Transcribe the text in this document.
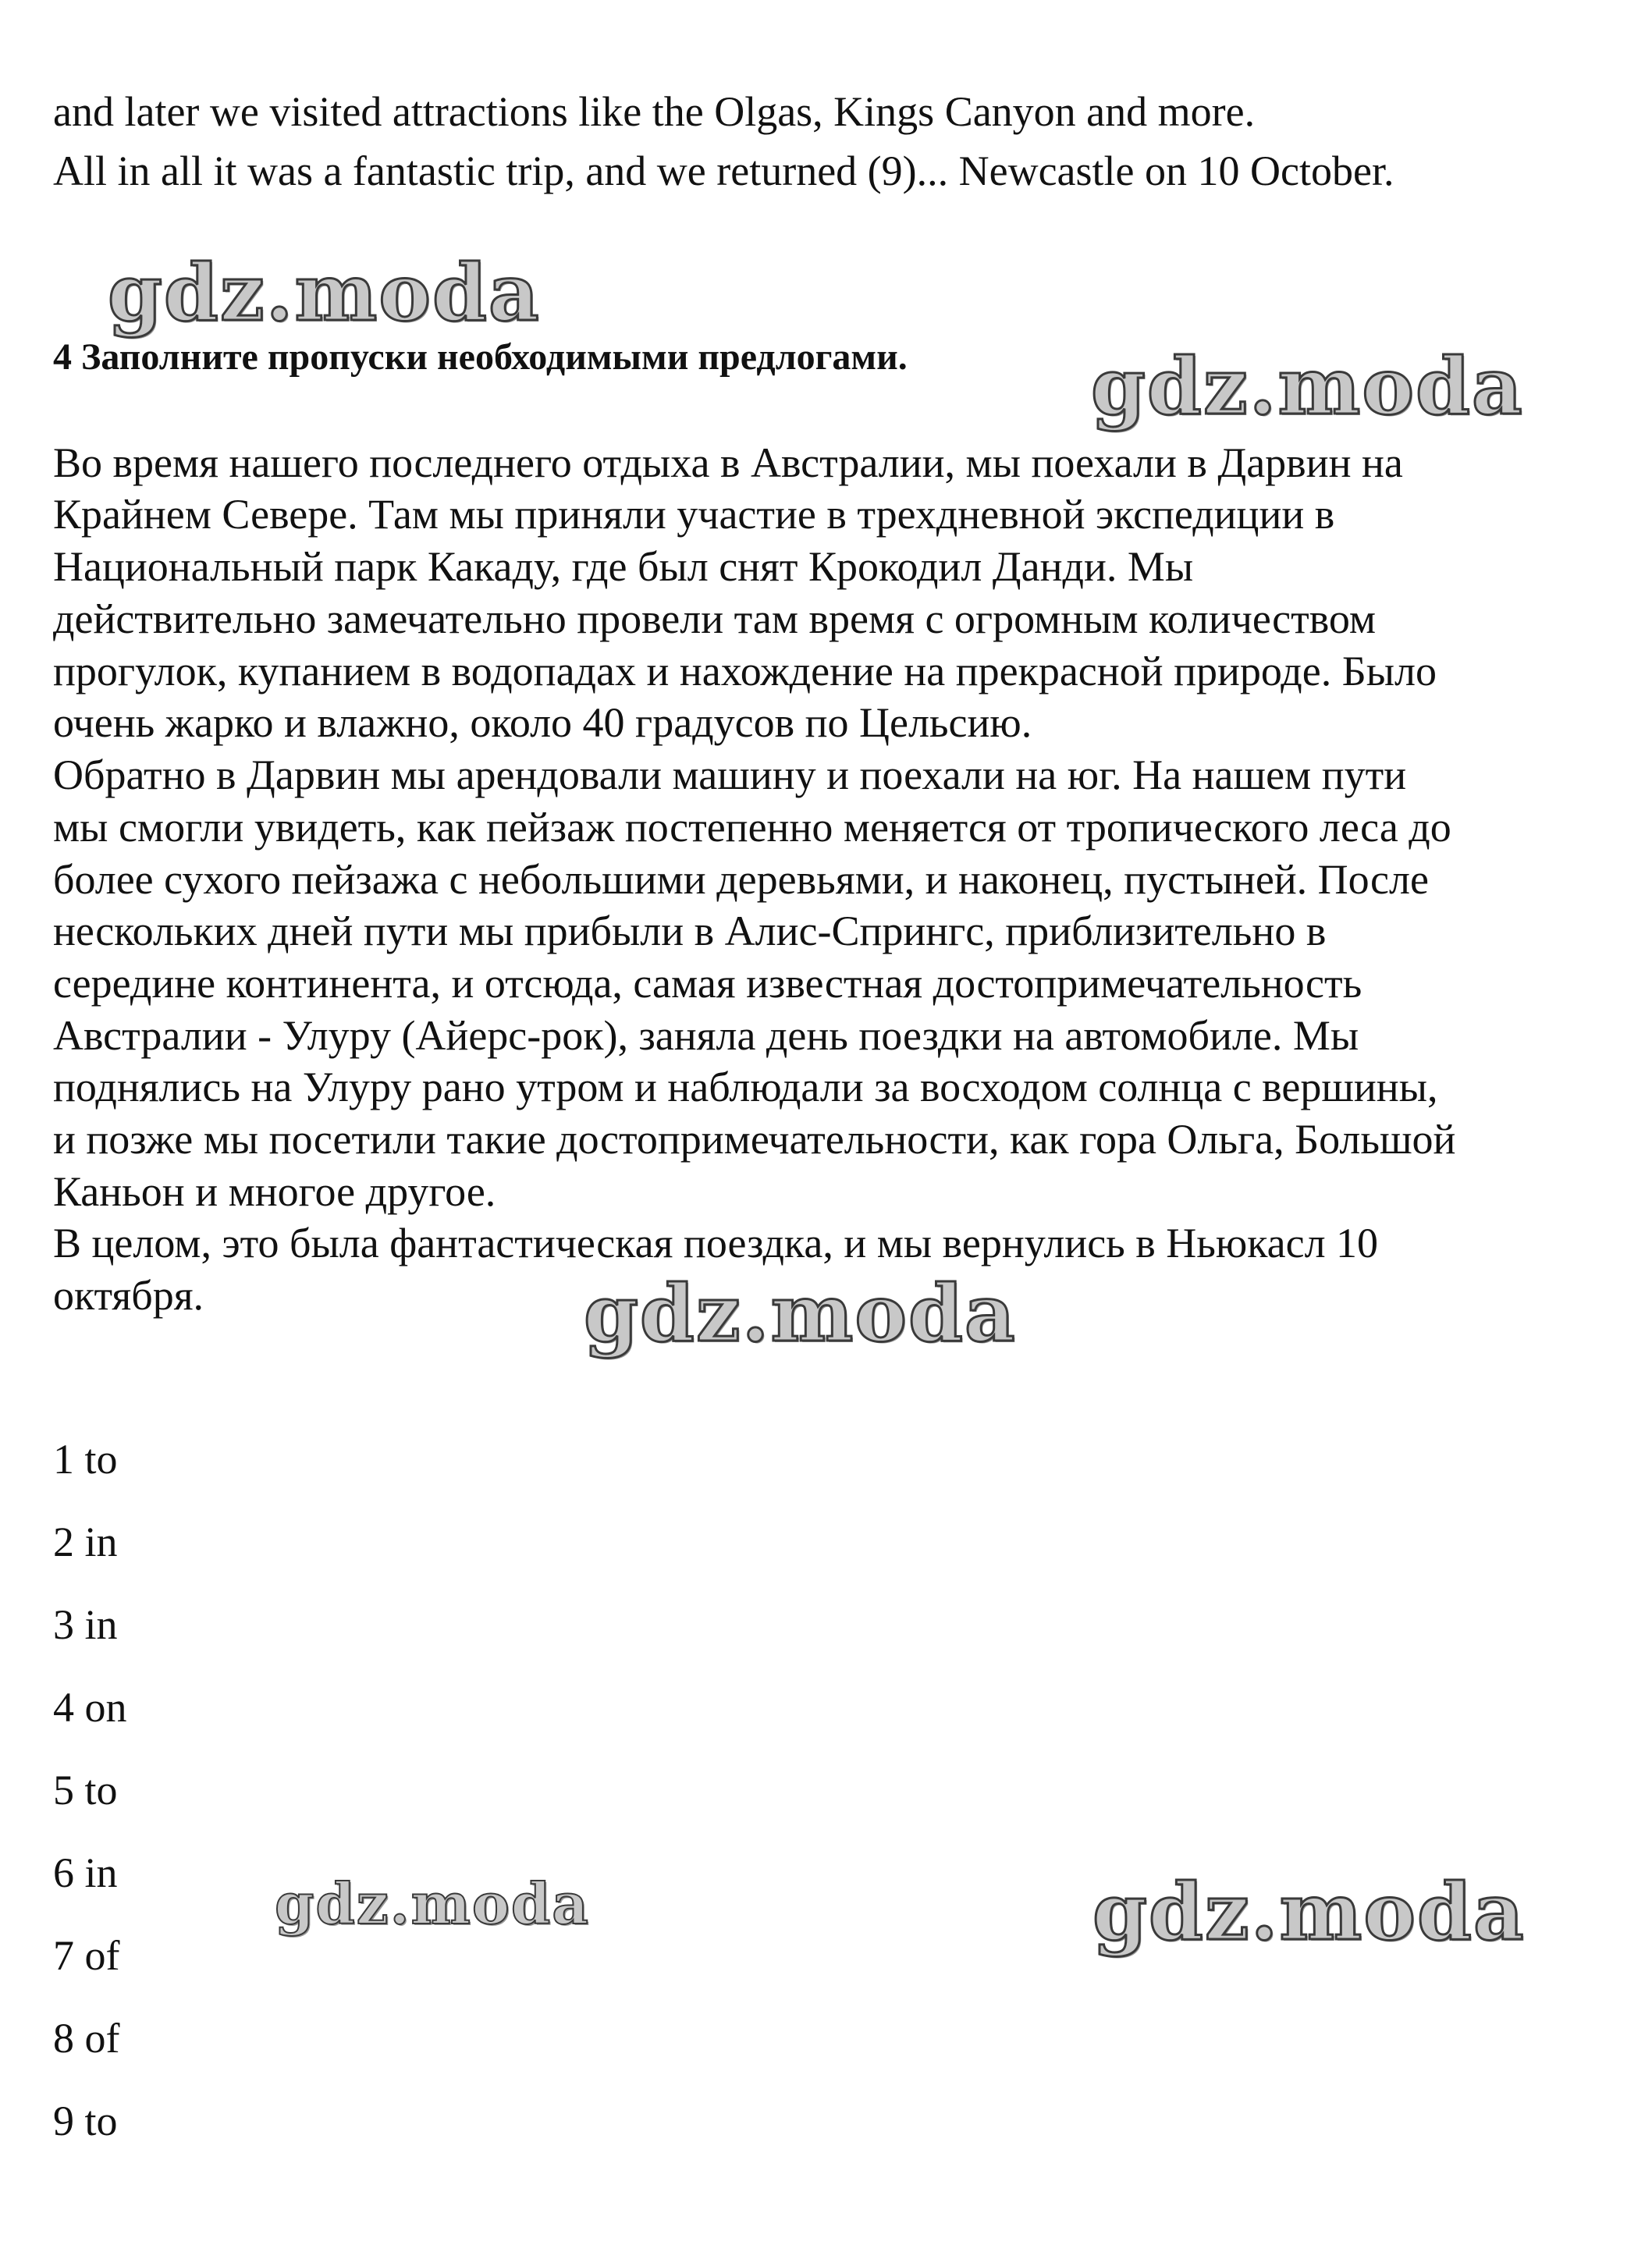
and later we visited attractions like the Olgas, Kings Canyon and more.

All in all it was a fantastic trip, and we returned (9)... Newcastle on 10 October.

gdz.moda

4 Заполните пропуски необходимыми предлогами. gdz.moda

Во время нашего последнего отдыха в Австралии, мы поехали в Дарвин на

Крайнем Севере. Там мы приняли участие в трехдневной экспедиции в

Национальный парк Какаду, где был снят Крокодил Данди. Мы

действительно замечательно провели там время с огромным количеством

прогулок, купанием в водопадах и нахождение на прекрасной природе. Было

очень жарко и влажно, около 40 градусов по Цельсию.

Обратно в Дарвин мы арендовали машину и поехали на юг. На нашем пути

мы смогли увидеть, как пейзаж постепенно меняется от тропического леса до

более сухого пейзажа с небольшими деревьями, и наконец, пустыней. После

нескольких дней пути мы прибыли в Алис-Спрингс, приблизительно в

середине континента, и отсюда, самая известная достопримечательность

Австралии - Улуру (Айерс-рок), заняла день поездки на автомобиле. Мы

поднялись на Улуру рано утром и наблюдали за восходом солнца с вершины,

и позже мы посетили такие достопримечательности, как гора Ольга, Большой

Каньон и многое другое.

В целом, это была фантастическая поездка, и мы вернулись в Ньюкасл 10

октября.	gdz.moda

1 to

2 in

3 in

4 on

5 to

6 in

7 of

8 of

9 to

gdz.moda	gdz.moda
